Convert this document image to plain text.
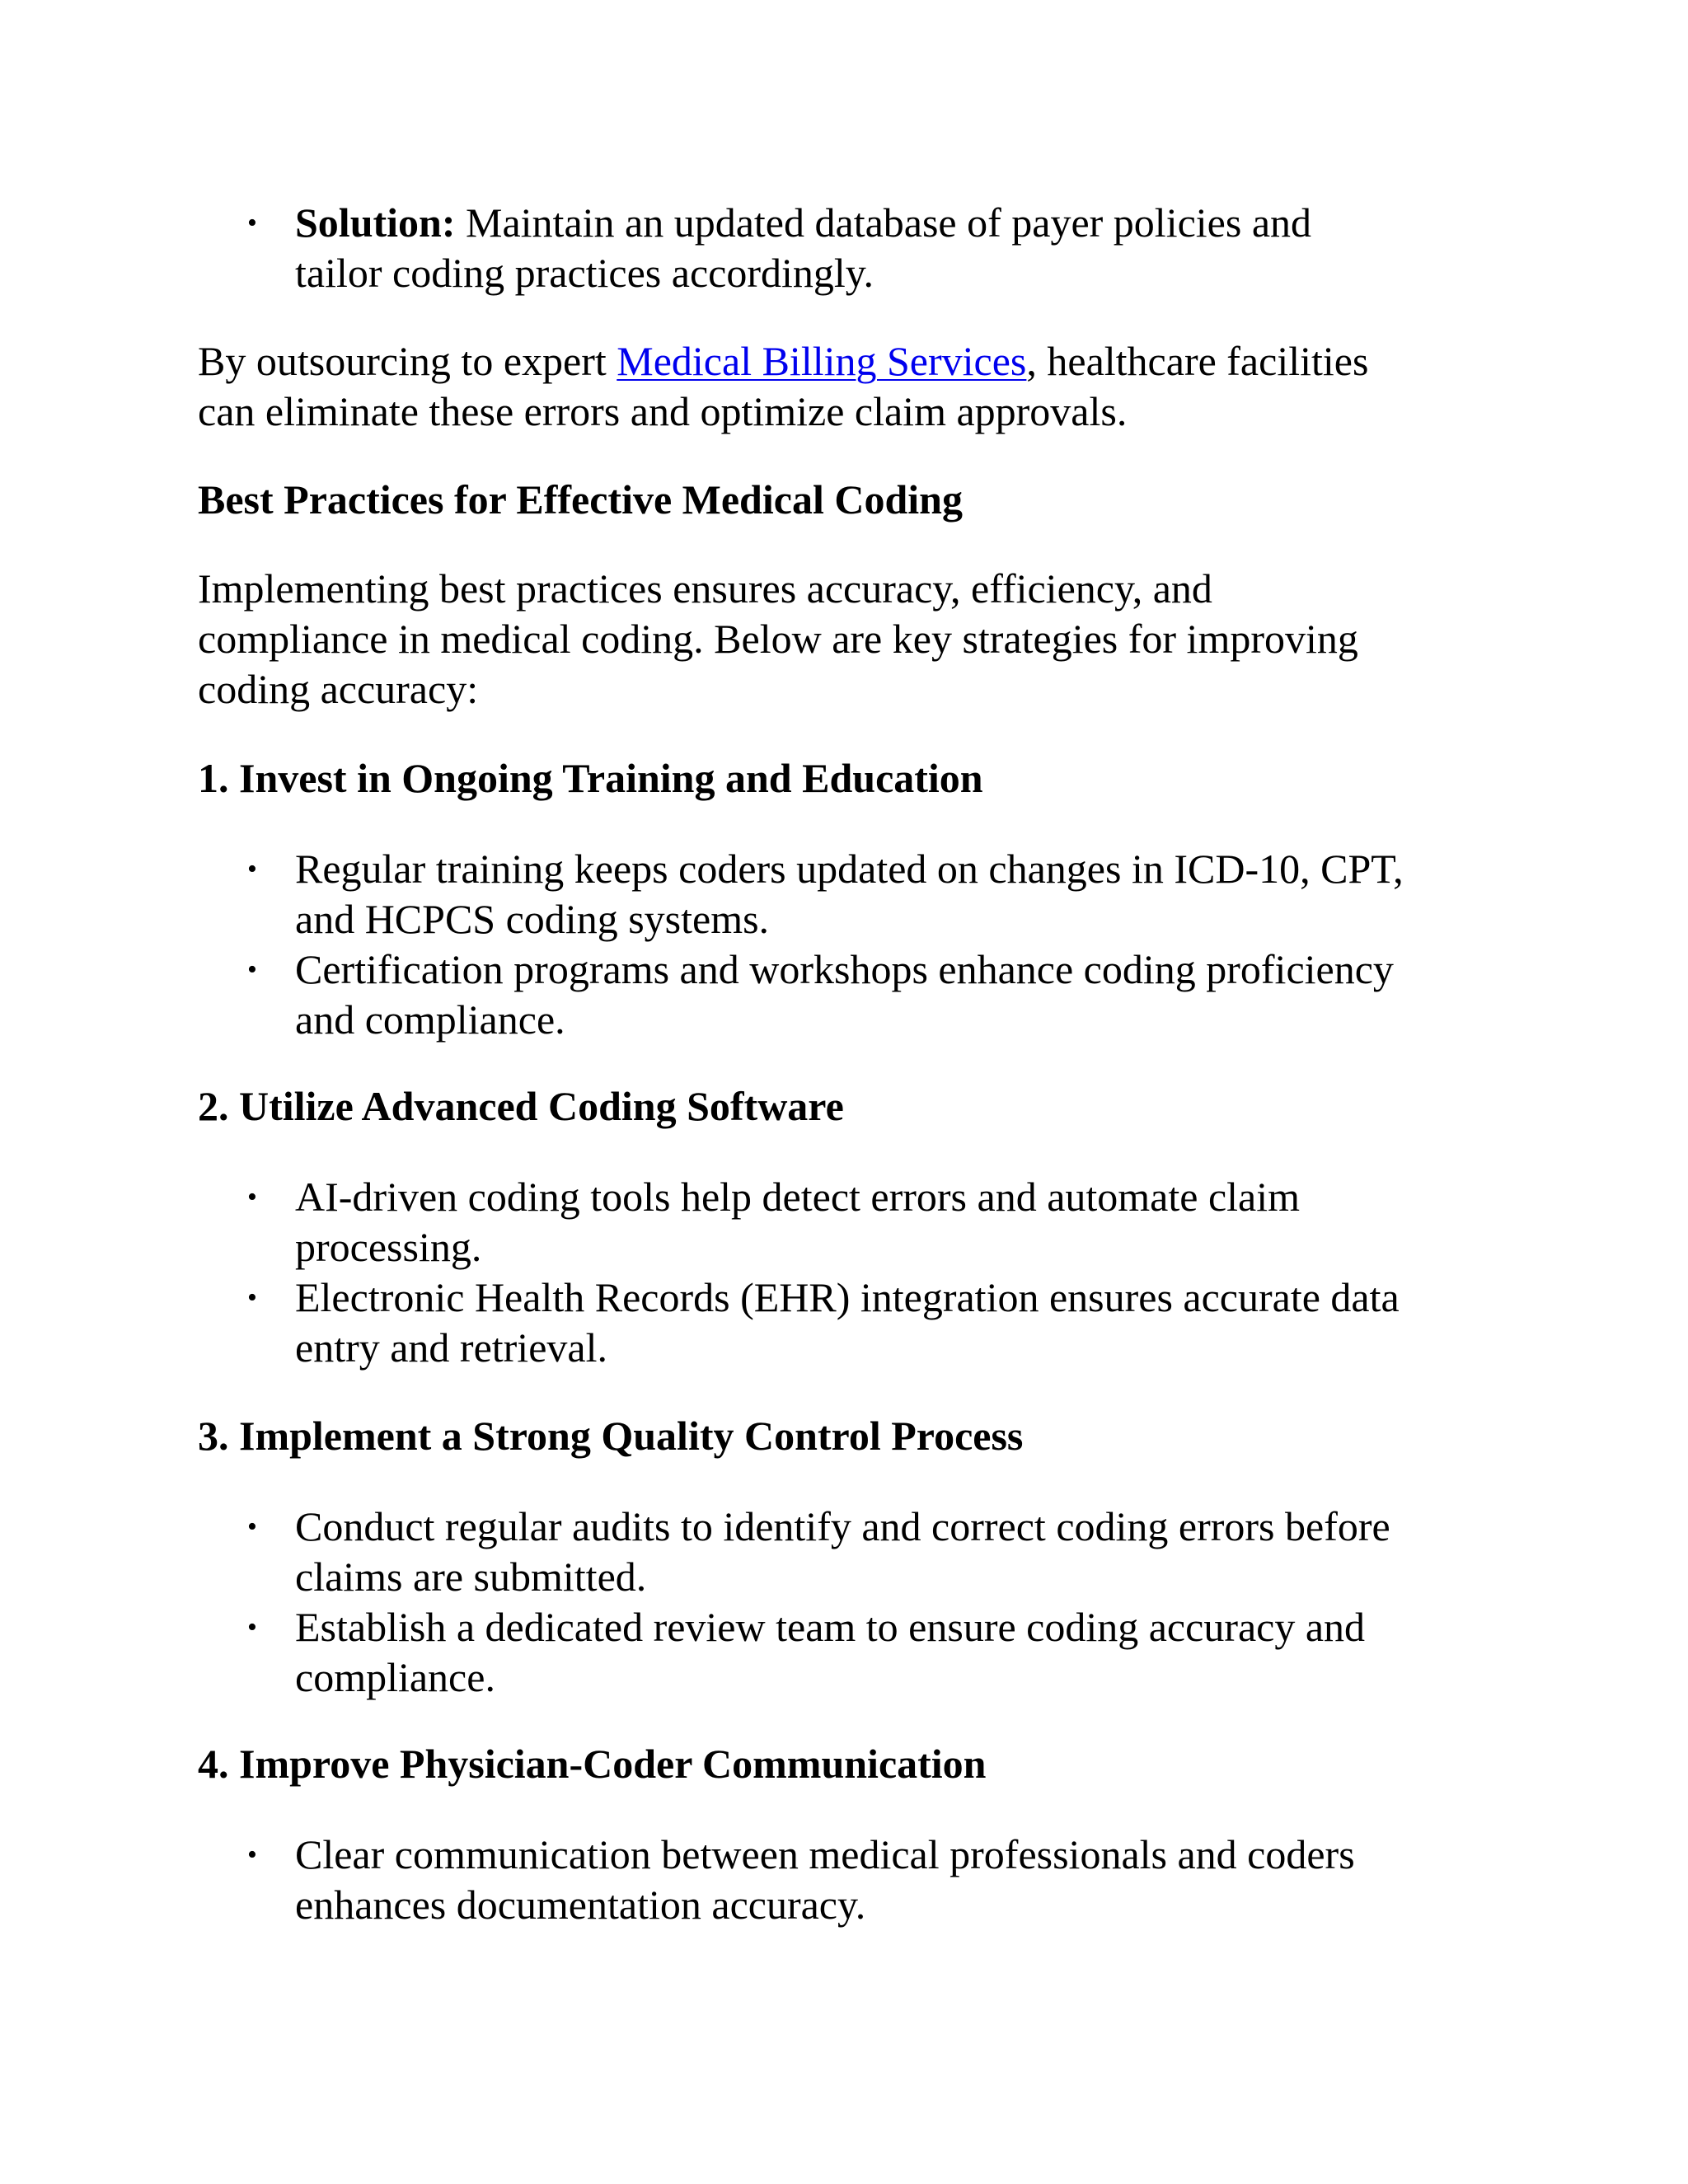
• Solution: Maintain an updated database of payer policies and
tailor coding practices accordingly.

By outsourcing to expert Medical Billing Services, healthcare facilities
can eliminate these errors and optimize claim approvals.

Best Practices for Effective Medical Coding

Implementing best practices ensures accuracy, efficiency, and
compliance in medical coding. Below are key strategies for improving
coding accuracy:

1. Invest in Ongoing Training and Education

• Regular training keeps coders updated on changes in ICD-10, CPT,
and HCPCS coding systems.
• Certification programs and workshops enhance coding proficiency
and compliance.

2. Utilize Advanced Coding Software

• AI-driven coding tools help detect errors and automate claim
processing.
• Electronic Health Records (EHR) integration ensures accurate data
entry and retrieval.

3. Implement a Strong Quality Control Process

• Conduct regular audits to identify and correct coding errors before
claims are submitted.
• Establish a dedicated review team to ensure coding accuracy and
compliance.

4. Improve Physician-Coder Communication

• Clear communication between medical professionals and coders
enhances documentation accuracy.
